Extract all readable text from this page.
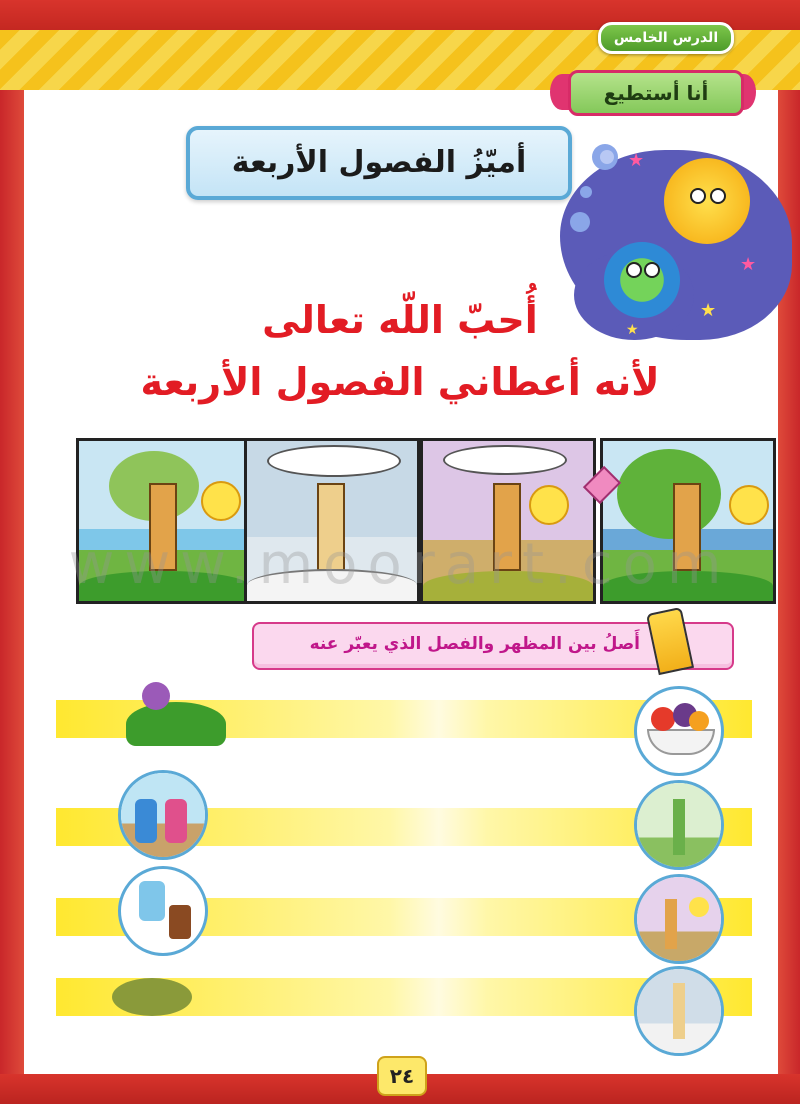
الدرس الخامس
أنا أستطيع
أميّزُ الفصول الأربعة	★
★
★
★
أُحبّ اللّه تعالى
لأنه أعطاني الفصول الأربعة
www.moorart.com
أَصلُ بين المظهر والفصل الذي يعبّر عنه
٢٤
